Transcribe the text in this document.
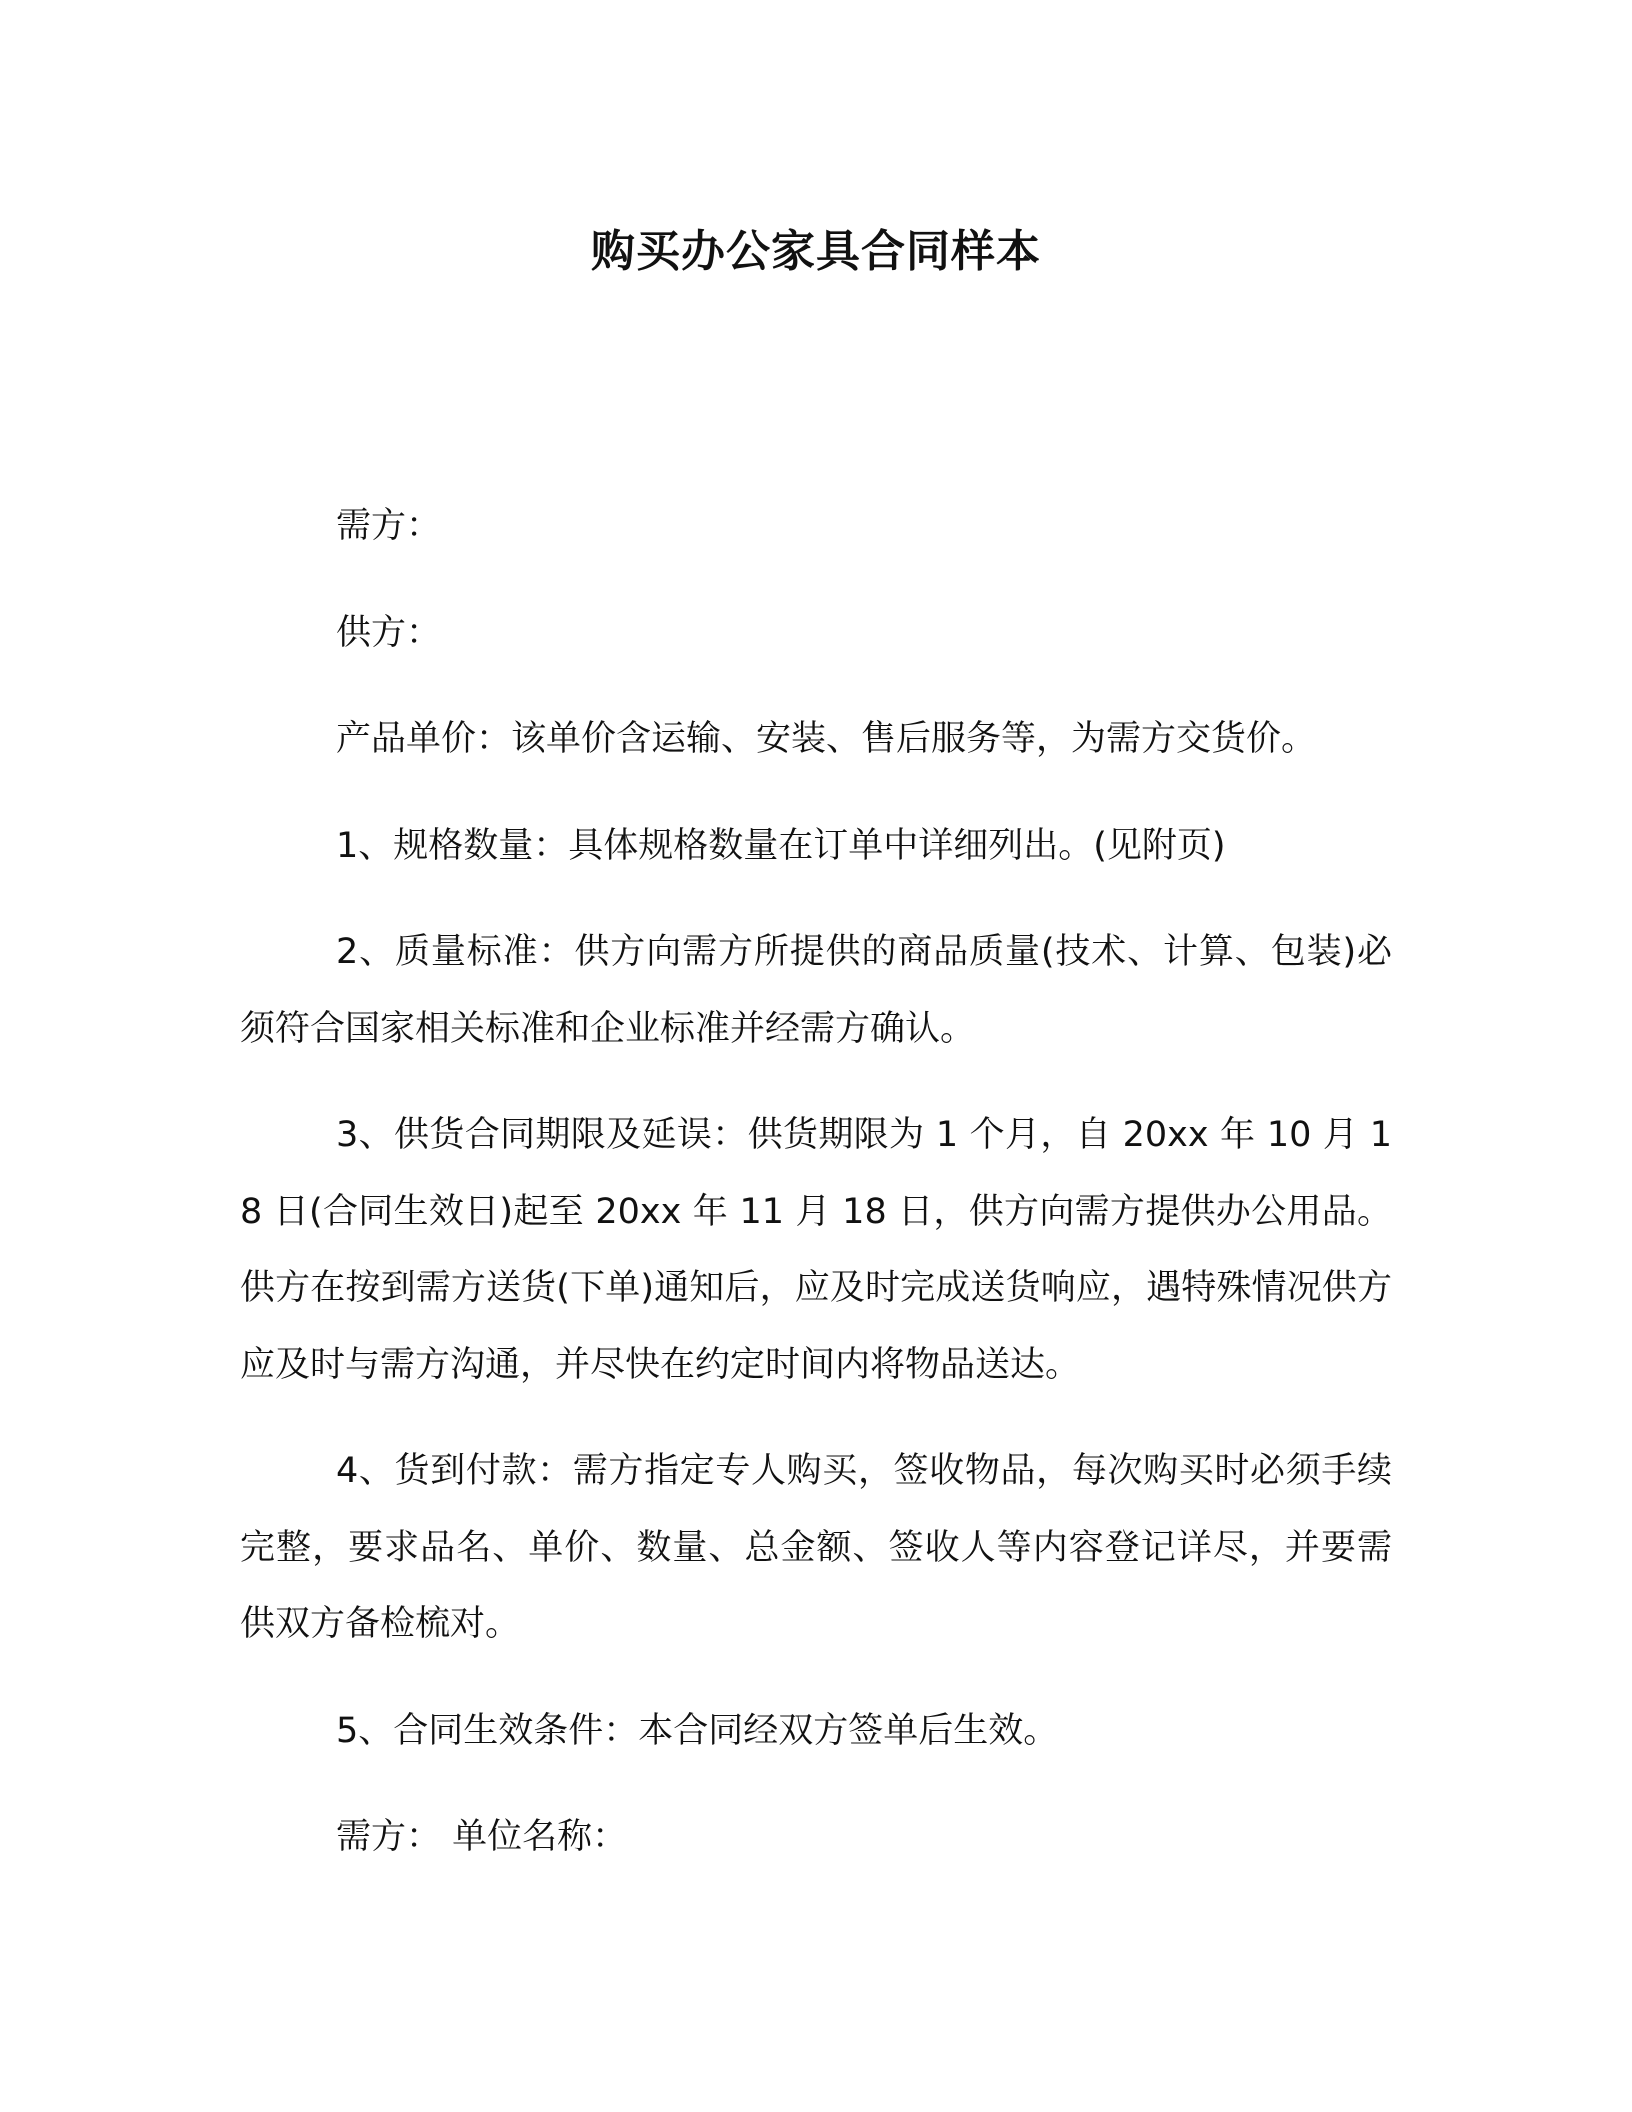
购买办公家具合同样本

需方：

供方：

产品单价：该单价含运输、安装、售后服务等，为需方交货价。

1、规格数量：具体规格数量在订单中详细列出。(见附页)

2、质量标准：供方向需方所提供的商品质量(技术、计算、包装)必须符合国家相关标准和企业标准并经需方确认。

3、供货合同期限及延误：供货期限为 1 个月，自 20xx 年 10 月 18 日(合同生效日)起至 20xx 年 11 月 18 日，供方向需方提供办公用品。供方在按到需方送货(下单)通知后，应及时完成送货响应，遇特殊情况供方应及时与需方沟通，并尽快在约定时间内将物品送达。

4、货到付款：需方指定专人购买，签收物品，每次购买时必须手续完整，要求品名、单价、数量、总金额、签收人等内容登记详尽，并要需供双方备检梳对。

5、合同生效条件：本合同经双方签单后生效。

需方： 单位名称：
